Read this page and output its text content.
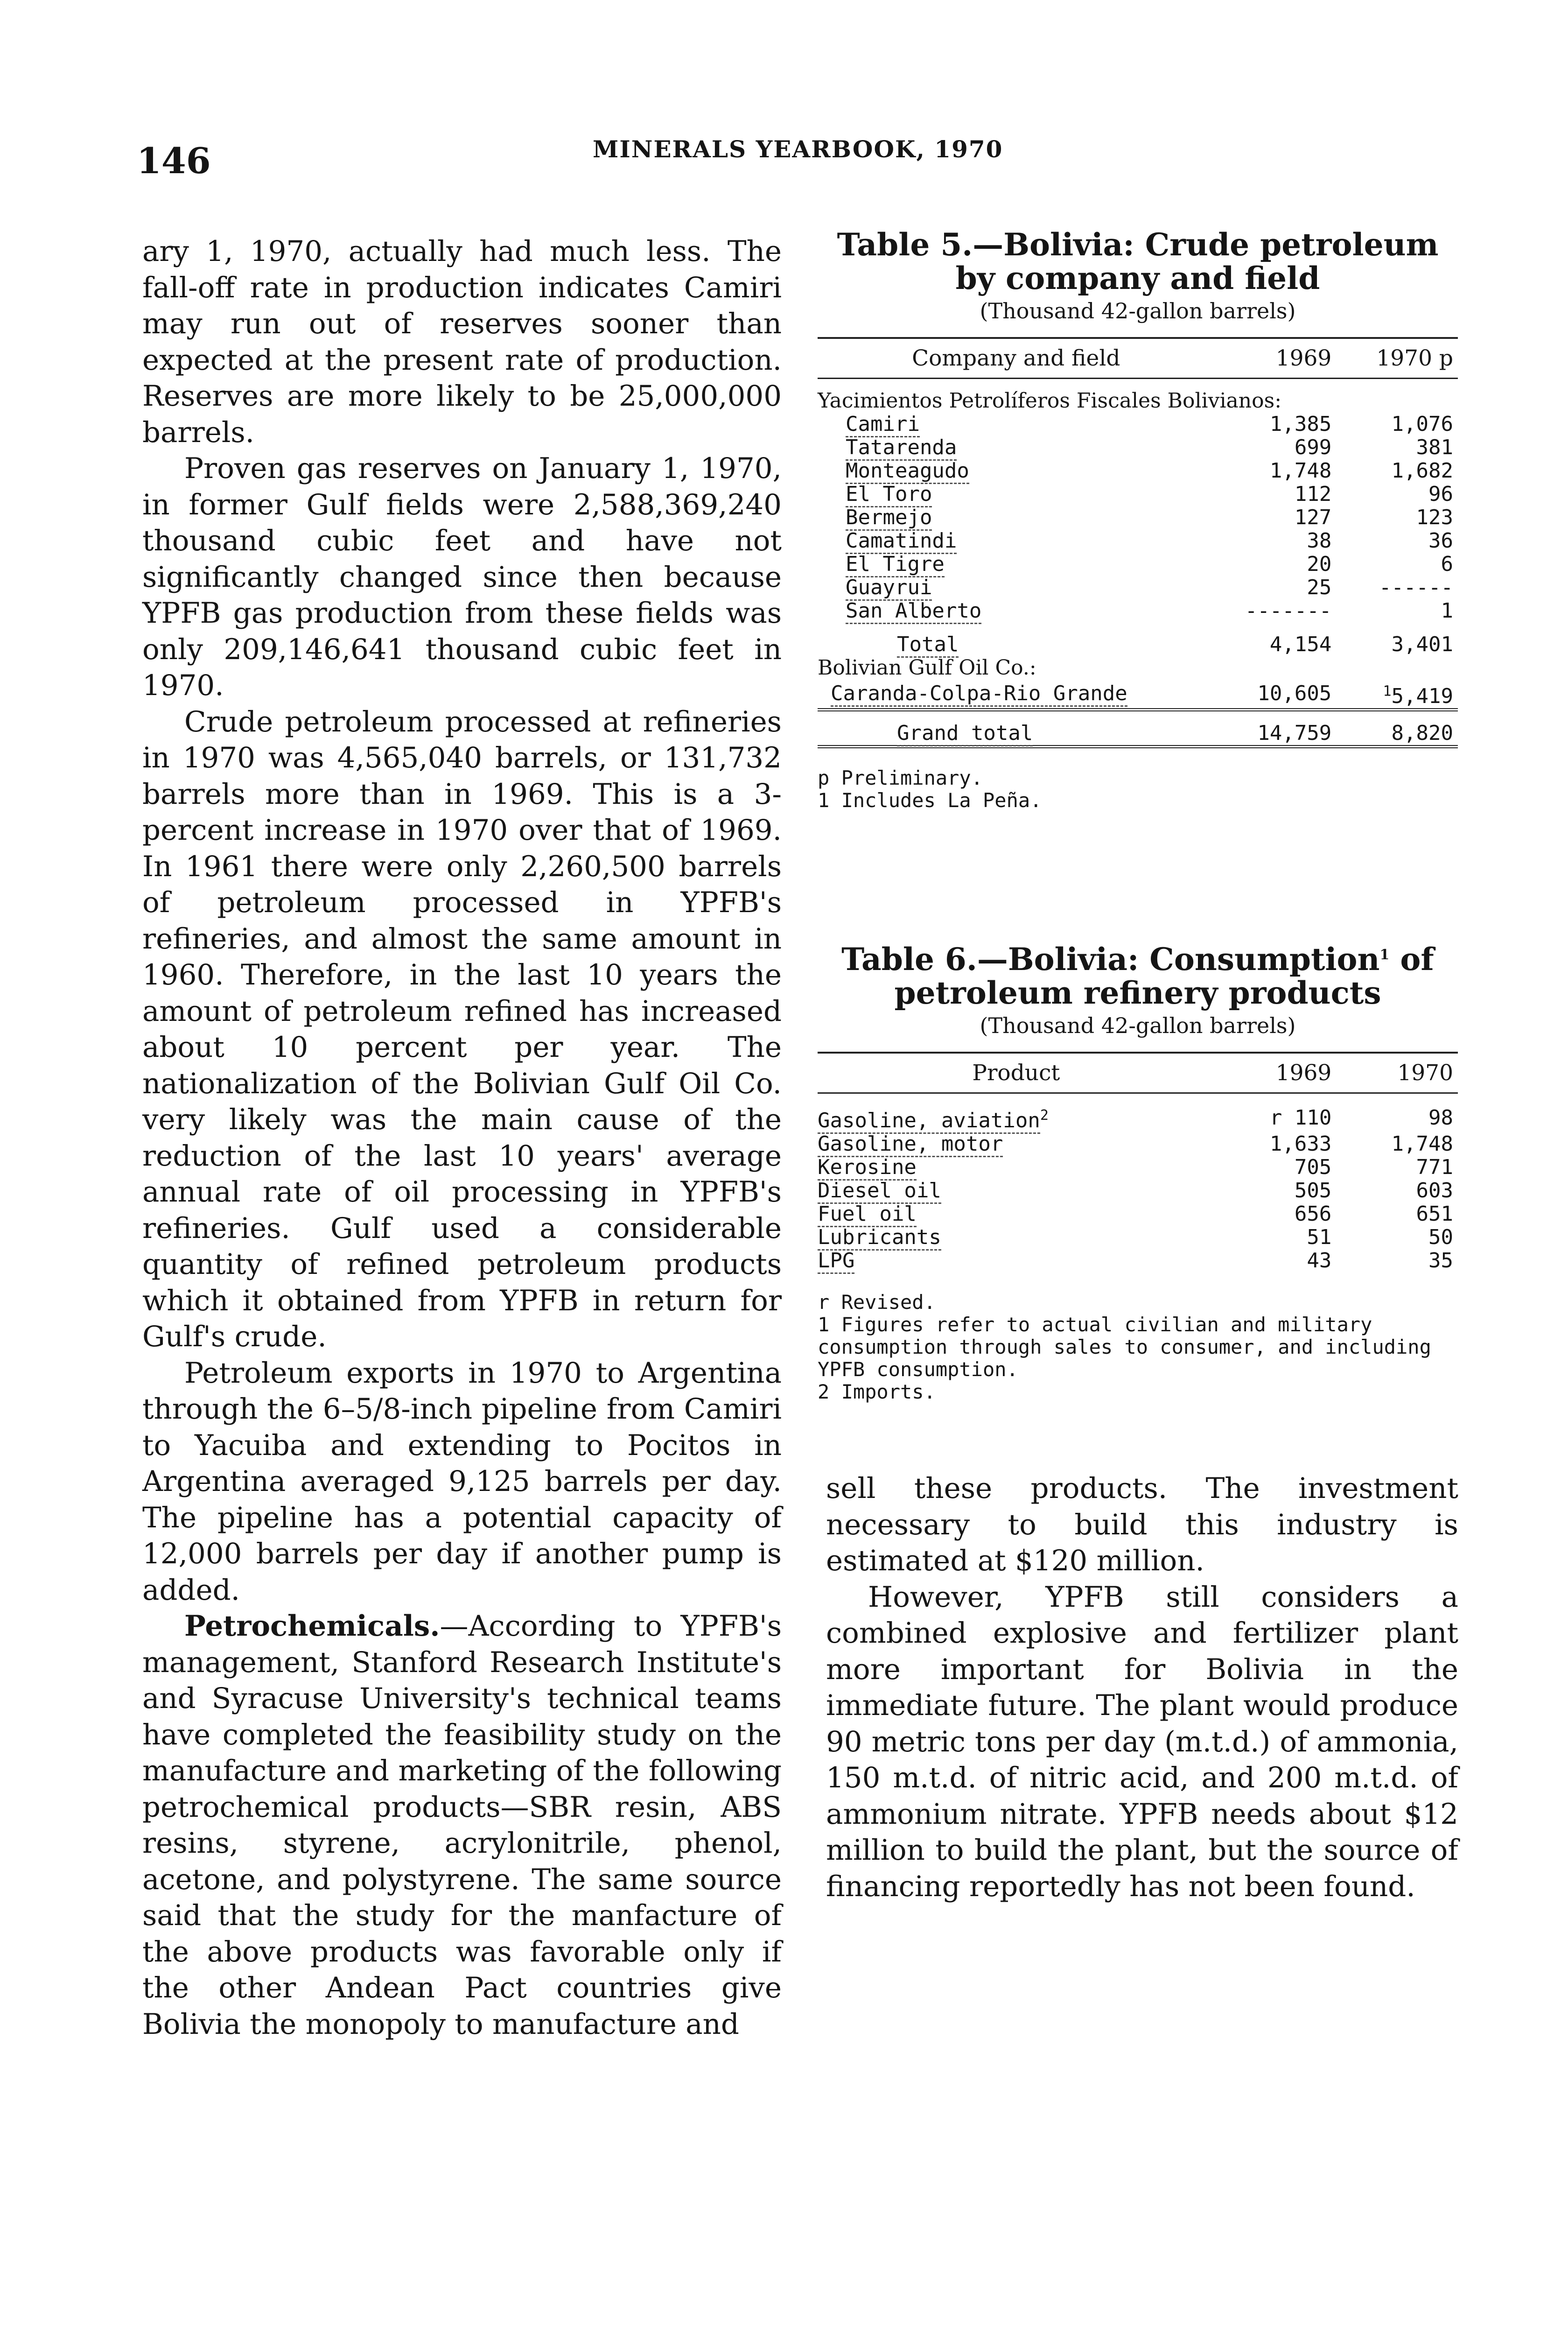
146	MINERALS YEARBOOK, 1970

ary 1, 1970, actually had much less. The fall-off rate in production indicates Camiri may run out of reserves sooner than expected at the present rate of production. Reserves are more likely to be 25,000,000 barrels.

Proven gas reserves on January 1, 1970, in former Gulf fields were 2,588,369,240 thousand cubic feet and have not significantly changed since then because YPFB gas production from these fields was only 209,146,641 thousand cubic feet in 1970.

Crude petroleum processed at refineries in 1970 was 4,565,040 barrels, or 131,732 barrels more than in 1969. This is a 3-percent increase in 1970 over that of 1969. In 1961 there were only 2,260,500 barrels of petroleum processed in YPFB's refineries, and almost the same amount in 1960. Therefore, in the last 10 years the amount of petroleum refined has increased about 10 percent per year. The nationalization of the Bolivian Gulf Oil Co. very likely was the main cause of the reduction of the last 10 years' average annual rate of oil processing in YPFB's refineries. Gulf used a considerable quantity of refined petroleum products which it obtained from YPFB in return for Gulf's crude.

Petroleum exports in 1970 to Argentina through the 6–5/8-inch pipeline from Camiri to Yacuiba and extending to Pocitos in Argentina averaged 9,125 barrels per day. The pipeline has a potential capacity of 12,000 barrels per day if another pump is added.

Petrochemicals.—According to YPFB's management, Stanford Research Institute's and Syracuse University's technical teams have completed the feasibility study on the manufacture and marketing of the following petrochemical products—SBR resin, ABS resins, styrene, acrylonitrile, phenol, acetone, and polystyrene. The same source said that the study for the manfacture of the above products was favorable only if the other Andean Pact countries give Bolivia the monopoly to manufacture and

Table 5.—Bolivia: Crude petroleum by company and field
(Thousand 42-gallon barrels)
Company and field	1969	1970 p
Yacimientos Petrolíferos Fiscales Bolivianos:		
Camiri	1,385	1,076
Tatarenda	699	381
Monteagudo	1,748	1,682
El Toro	112	96
Bermejo	127	123
Camatindi	38	36
El Tigre	20	6
Guayrui	25	------
San Alberto	-------	1
Total	4,154	3,401
Bolivian Gulf Oil Co.:		
Caranda-Colpa-Rio Grande	10,605	$^1$5,419
Grand total	14,759	8,820
p Preliminary.
1 Includes La Peña.
Table 6.—Bolivia: Consumption$^1$ of petroleum refinery products
(Thousand 42-gallon barrels)
Product	1969	1970
Gasoline, aviation$^2$	r 110	98
Gasoline, motor	1,633	1,748
Kerosine	705	771
Diesel oil	505	603
Fuel oil	656	651
Lubricants	51	50
LPG	43	35
r Revised.
1 Figures refer to actual civilian and military consumption through sales to consumer, and including YPFB consumption.
2 Imports.

sell these products. The investment necessary to build this industry is estimated at $120 million.

However, YPFB still considers a combined explosive and fertilizer plant more important for Bolivia in the immediate future. The plant would produce 90 metric tons per day (m.t.d.) of ammonia, 150 m.t.d. of nitric acid, and 200 m.t.d. of ammonium nitrate. YPFB needs about $12 million to build the plant, but the source of financing reportedly has not been found.
